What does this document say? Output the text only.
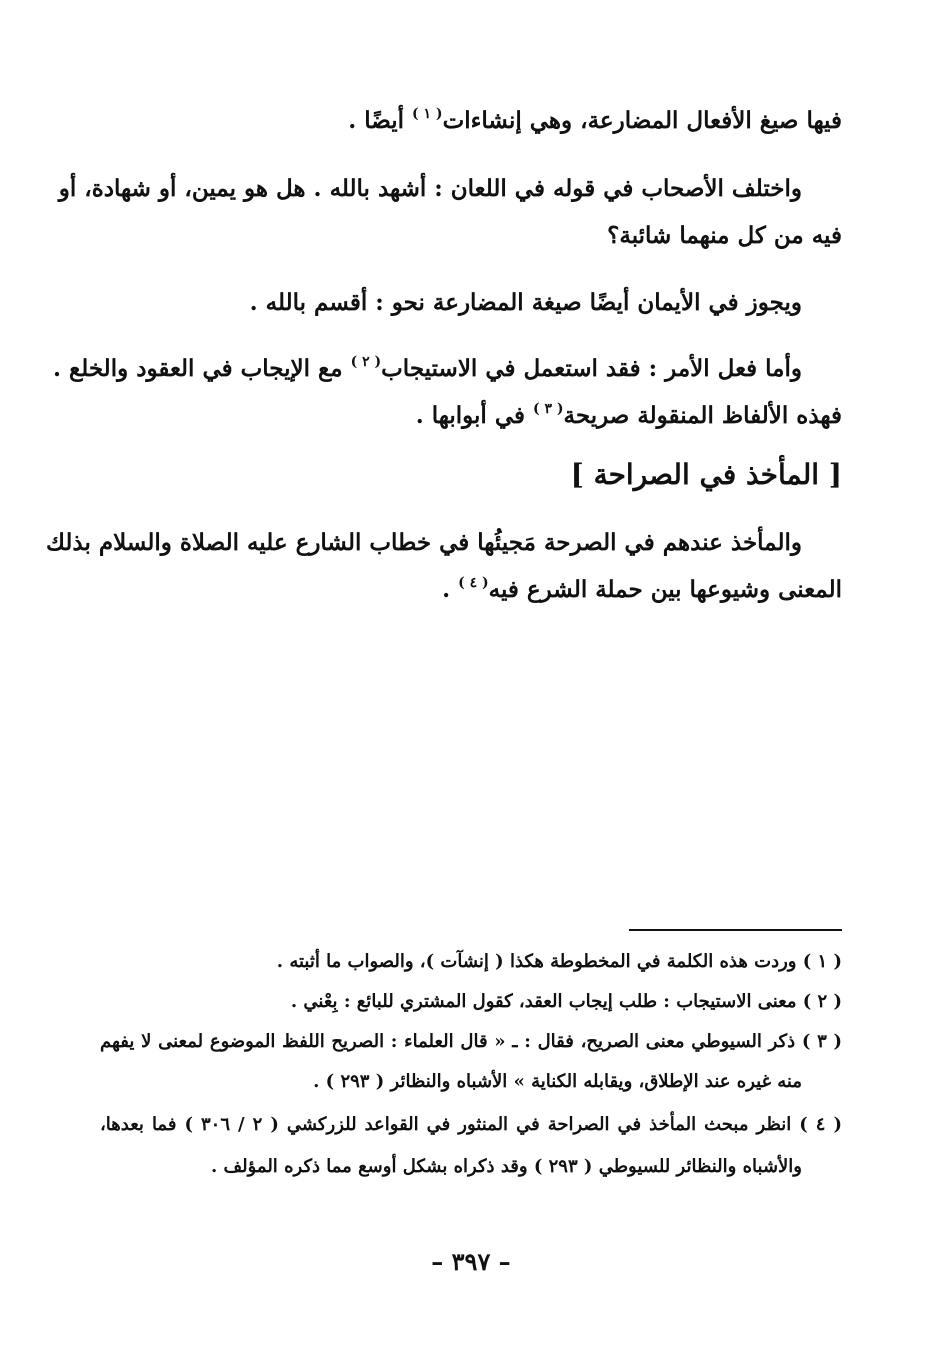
فيها صيغ الأفعال المضارعة، وهي إنشاءات$^{( ١ )}$ أيضًا .
واختلف الأصحاب في قوله في اللعان : أشهد بالله . هل هو يمين، أو شهادة، أو
فيه من كل منهما شائبة؟
ويجوز في الأيمان أيضًا صيغة المضارعة نحو : أقسم بالله .
وأما فعل الأمر : فقد استعمل في الاستيجاب$^{( ٢ )}$ مع الإيجاب في العقود والخلع .
فهذه الألفاظ المنقولة صريحة$^{( ٣ )}$ في أبوابها .
[ المأخذ في الصراحة ]
والمأخذ عندهم في الصرحة مَجيئُها في خطاب الشارع عليه الصلاة والسلام بذلك
المعنى وشيوعها بين حملة الشرع فيه$^{( ٤ )}$ .
( ١ ) وردت هذه الكلمة في المخطوطة هكذا ( إنشآت )، والصواب ما أثبته .
( ٢ ) معنى الاستيجاب : طلب إيجاب العقد، كقول المشتري للبائع : بِعْني .
( ٣ ) ذكر السيوطي معنى الصريح، فقال : ـ « قال العلماء : الصريح اللفظ الموضوع لمعنى لا يفهم
منه غيره عند الإطلاق، ويقابله الكناية » الأشباه والنظائر ( ٢٩٣ ) .
( ٤ ) انظر مبحث المأخذ في الصراحة في المنثور في القواعد للزركشي ( ٢ / ٣٠٦ ) فما بعدها،
والأشباه والنظائر للسيوطي ( ٢٩٣ ) وقد ذكراه بشكل أوسع مما ذكره المؤلف .
– ٣٩٧ –
